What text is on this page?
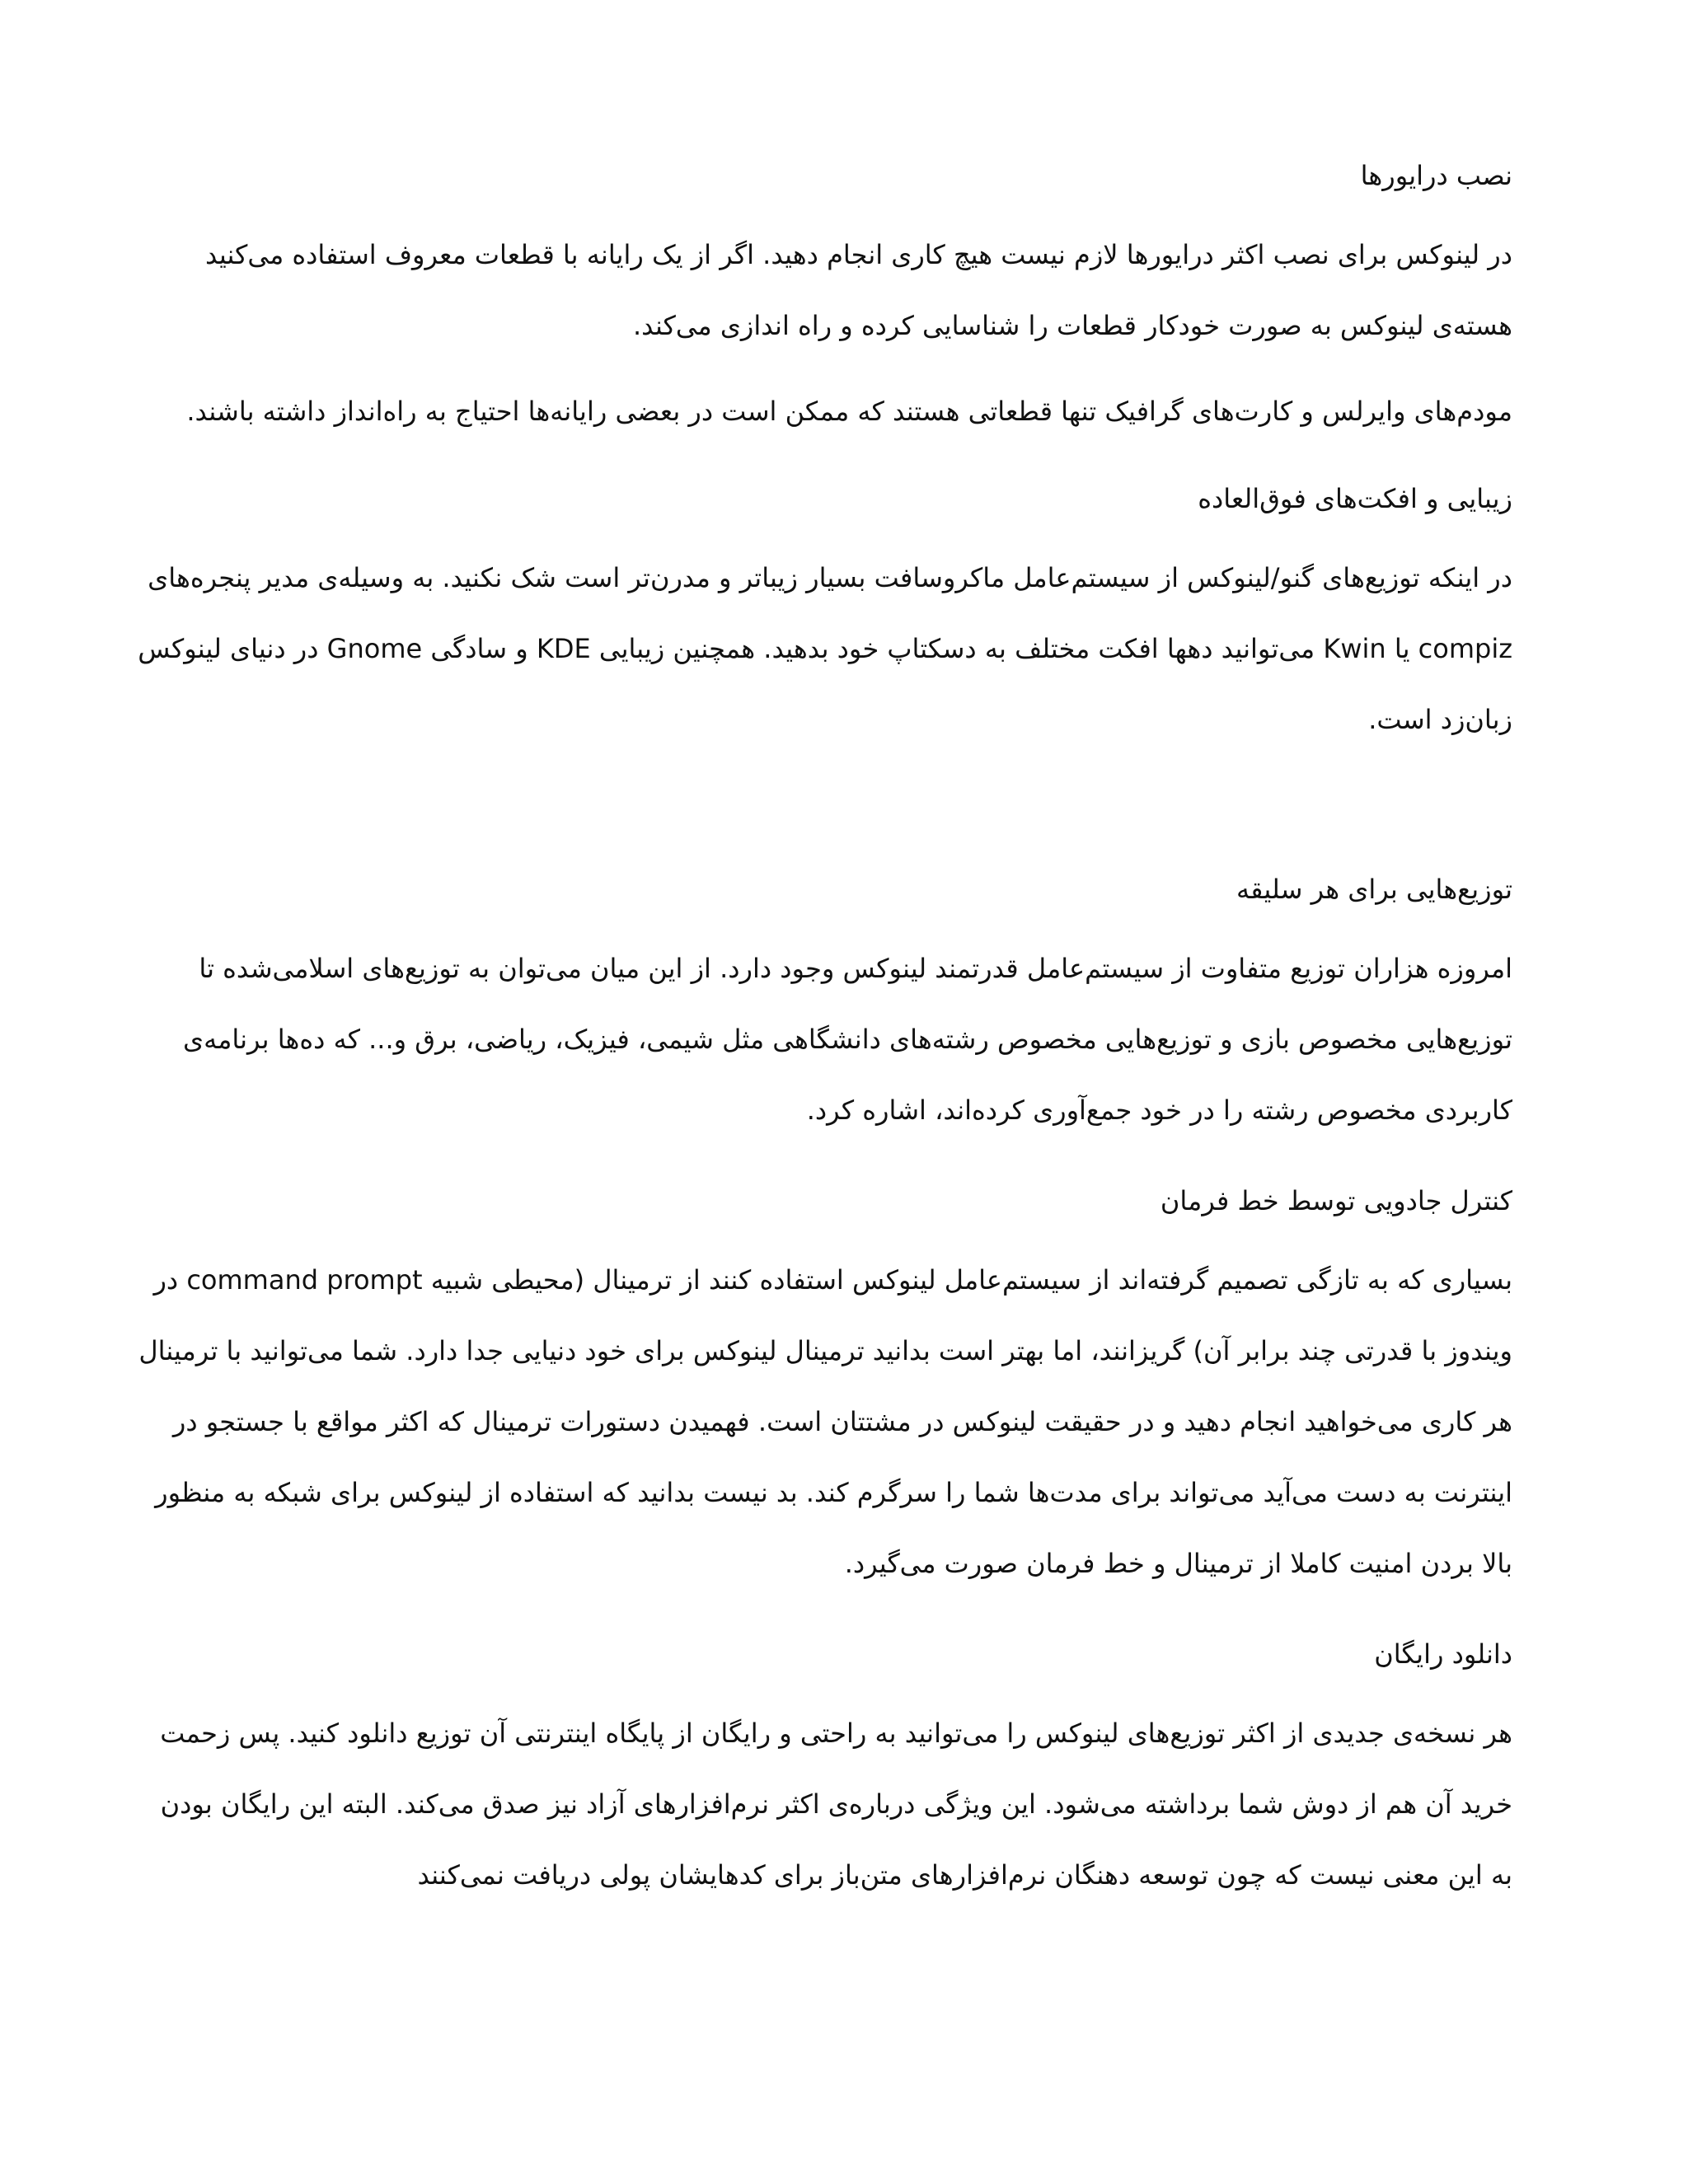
نصب درایورها

در لینوکس برای نصب اکثر درایورها لازم نیست هیچ کاری انجام دهید. اگر از یک رایانه با قطعات معروف استفاده می‌کنید هسته‌ی لینوکس به صورت خودکار قطعات را شناسایی کرده و راه اندازی می‌کند.

مودم‌های وایرلس و کارت‌های گرافیک تنها قطعاتی هستند که ممکن است در بعضی رایانه‌ها احتیاج به راه‌انداز داشته باشند.

زیبایی و افکت‌های فوق‌العاده

در اینکه توزیع‌های گنو/لینوکس از سیستم‌عامل ماکروسافت بسیار زیباتر و مدرن‌تر است شک نکنید. به وسیله‌ی مدیر پنجره‌های compiz یا Kwin می‌توانید دهها افکت مختلف به دسکتاپ خود بدهید. همچنین زیبایی KDE و سادگی Gnome در دنیای لینوکس زبان‌زد است.

توزیع‌هایی برای هر سلیقه

امروزه هزاران توزیع متفاوت از سیستم‌عامل قدرتمند لینوکس وجود دارد. از این میان می‌توان به توزیع‌های اسلامی‌شده تا توزیع‌هایی مخصوص بازی و توزیع‌هایی مخصوص رشته‌های دانشگاهی مثل شیمی، فیزیک، ریاضی، برق و... که ده‌ها برنامه‌ی کاربردی مخصوص رشته را در خود جمع‌آوری کرده‌اند، اشاره کرد.

کنترل جادویی توسط خط فرمان

بسیاری که به تازگی تصمیم گرفته‌اند از سیستم‌عامل لینوکس استفاده کنند از ترمینال (محیطی شبیه command prompt در ویندوز با قدرتی چند برابر آن) گریزانند، اما بهتر است بدانید ترمینال لینوکس برای خود دنیایی جدا دارد. شما می‌توانید با ترمینال هر کاری می‌خواهید انجام دهید و در حقیقت لینوکس در مشتتان است. فهمیدن دستورات ترمینال که اکثر مواقع با جستجو در اینترنت به دست می‌آید می‌تواند برای مدت‌ها شما را سرگرم کند. بد نیست بدانید که استفاده از لینوکس برای شبکه به منظور بالا بردن امنیت کاملا از ترمینال و خط فرمان صورت می‌گیرد.

دانلود رایگان

هر نسخه‌ی جدیدی از اکثر توزیع‌های لینوکس را می‌توانید به راحتی و رایگان از پایگاه اینترنتی آن توزیع دانلود کنید. پس زحمت خرید آن هم از دوش شما برداشته می‌شود. این ویژگی درباره‌ی اکثر نرم‌افزارهای آزاد نیز صدق می‌کند. البته این رایگان بودن به این معنی نیست که چون توسعه دهنگان نرم‌افزارهای متن‌باز برای کدهایشان پولی دریافت نمی‌کنند
